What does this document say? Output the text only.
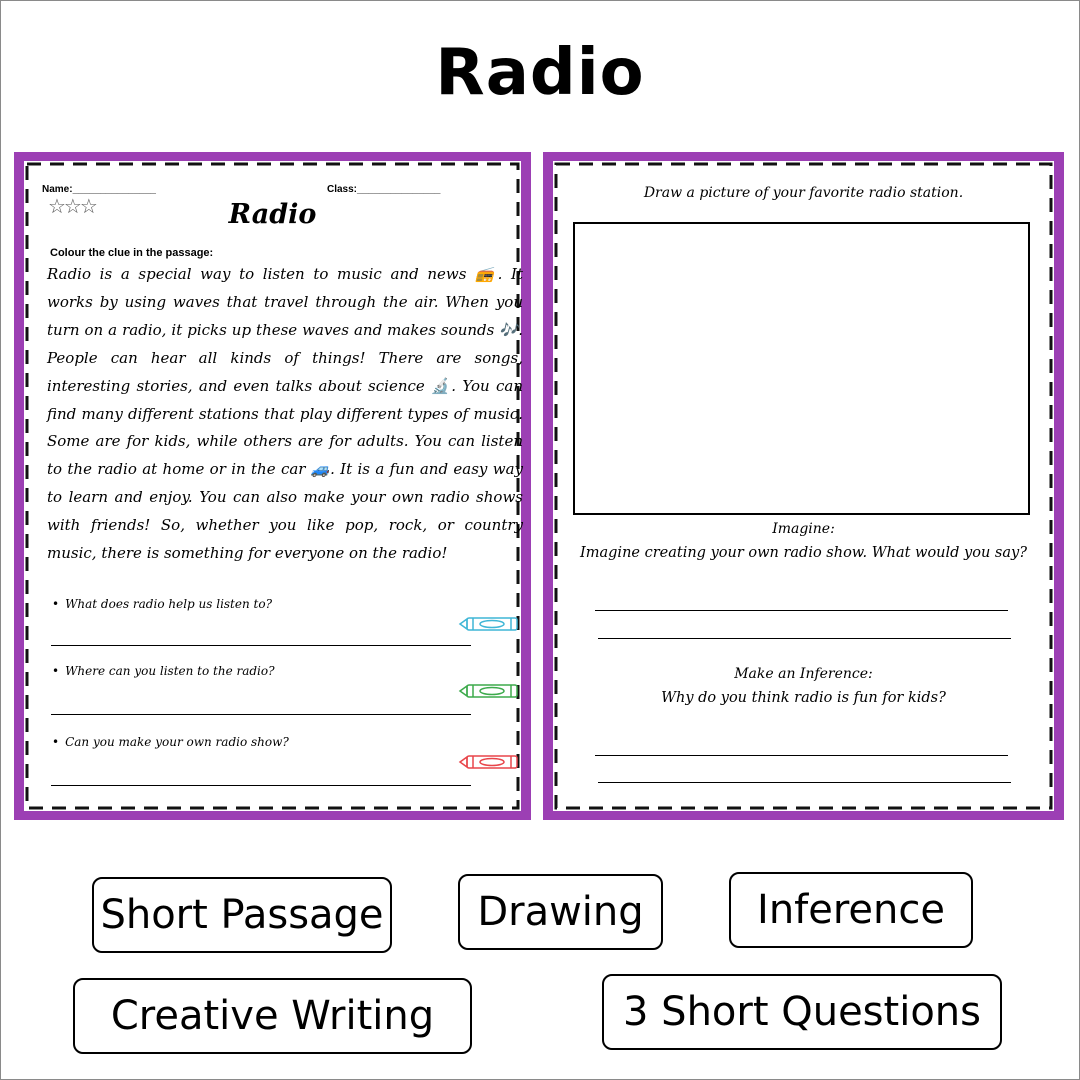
Radio
Name:_______________	Class:_______________
☆☆☆	Radio
Colour the clue in the passage:
Radio is a special way to listen to music and news 📻. It works by using waves that travel through the air. When you turn on a radio, it picks up these waves and makes sounds 🎶. People can hear all kinds of things! There are songs, interesting stories, and even talks about science 🔬. You can find many different stations that play different types of music. Some are for kids, while others are for adults. You can listen to the radio at home or in the car 🚙. It is a fun and easy way to learn and enjoy. You can also make your own radio shows with friends! So, whether you like pop, rock, or country music, there is something for everyone on the radio!
• What does radio help us listen to?
• Where can you listen to the radio?
• Can you make your own radio show?
Draw a picture of your favorite radio station.
Imagine:
Imagine creating your own radio show. What would you say?
Make an Inference:
Why do you think radio is fun for kids?
Short Passage	Drawing	Inference
Creative Writing	3 Short Questions
